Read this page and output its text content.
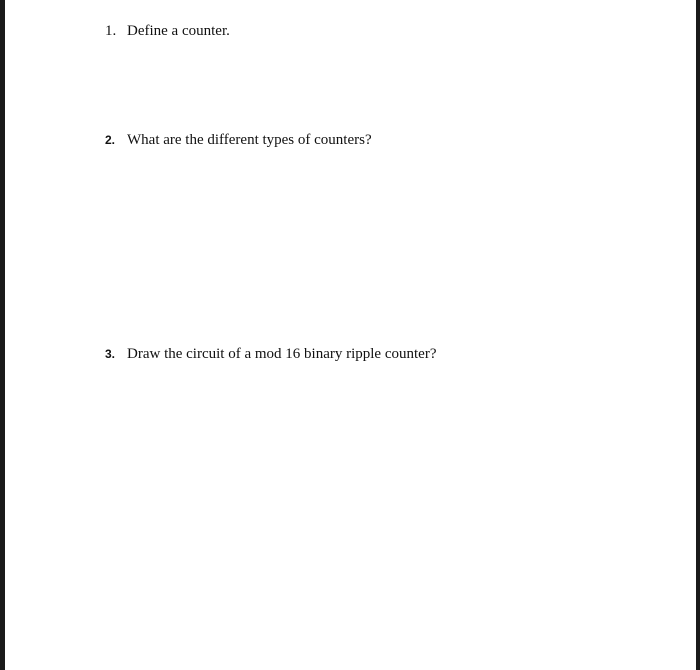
1. Define a counter.
2. What are the different types of counters?
3. Draw the circuit of a mod 16 binary ripple counter?
